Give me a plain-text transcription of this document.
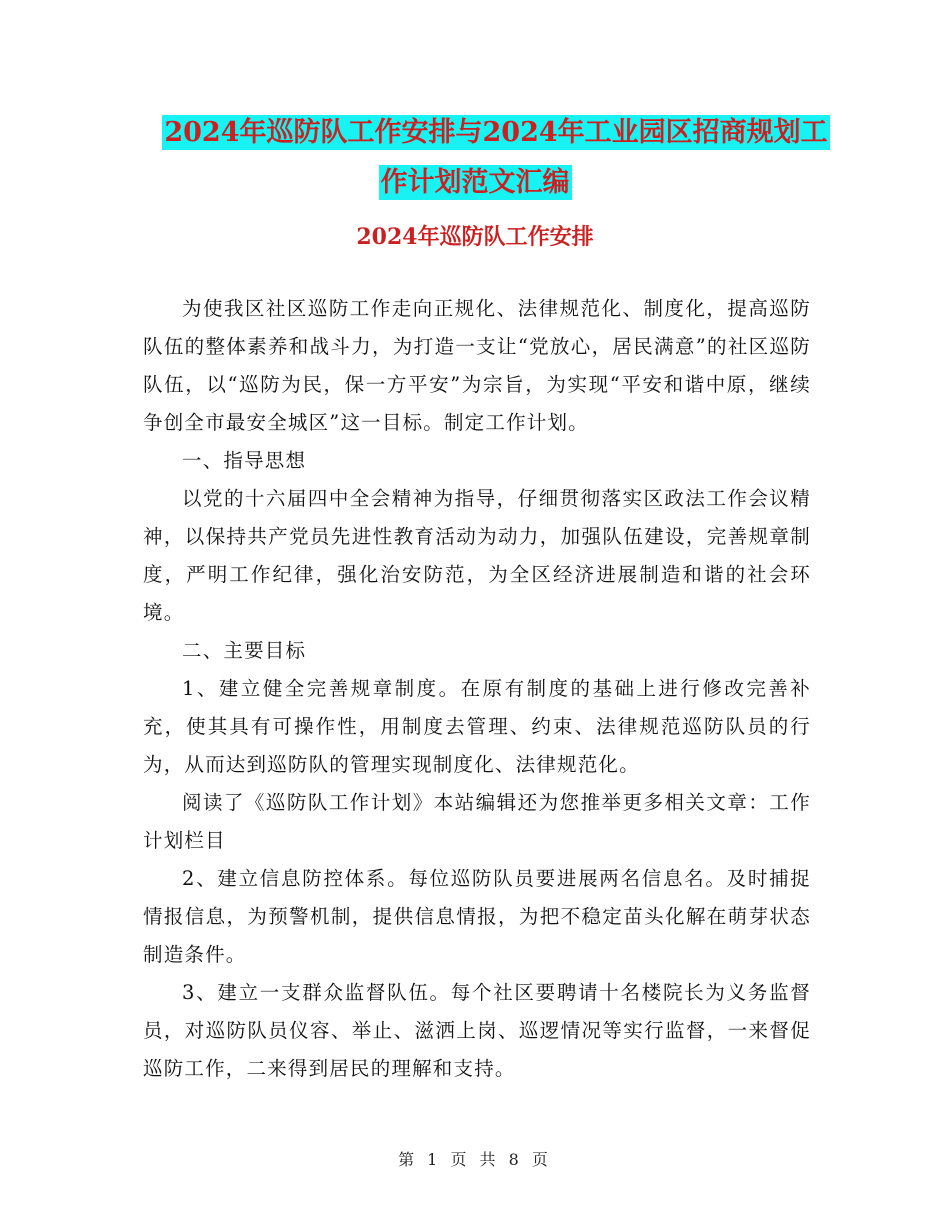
2024年巡防队工作安排与2024年工业园区招商规划工
作计划范文汇编
2024年巡防队工作安排

为使我区社区巡防工作走向正规化、法律规范化、制度化，提高巡防队伍的整体素养和战斗力，为打造一支让“党放心，居民满意”的社区巡防队伍，以“巡防为民，保一方平安”为宗旨，为实现“平安和谐中原，继续争创全市最安全城区”这一目标。制定工作计划。

一、指导思想

以党的十六届四中全会精神为指导，仔细贯彻落实区政法工作会议精神，以保持共产党员先进性教育活动为动力，加强队伍建设，完善规章制度，严明工作纪律，强化治安防范，为全区经济进展制造和谐的社会环境。

二、主要目标

1、建立健全完善规章制度。在原有制度的基础上进行修改完善补充，使其具有可操作性，用制度去管理、约束、法律规范巡防队员的行为，从而达到巡防队的管理实现制度化、法律规范化。

阅读了《巡防队工作计划》本站编辑还为您推举更多相关文章：工作计划栏目

2、建立信息防控体系。每位巡防队员要进展两名信息名。及时捕捉情报信息，为预警机制，提供信息情报，为把不稳定苗头化解在萌芽状态制造条件。

3、建立一支群众监督队伍。每个社区要聘请十名楼院长为义务监督员，对巡防队员仪容、举止、滋洒上岗、巡逻情况等实行监督，一来督促巡防工作，二来得到居民的理解和支持。

第 1 页 共 8 页
